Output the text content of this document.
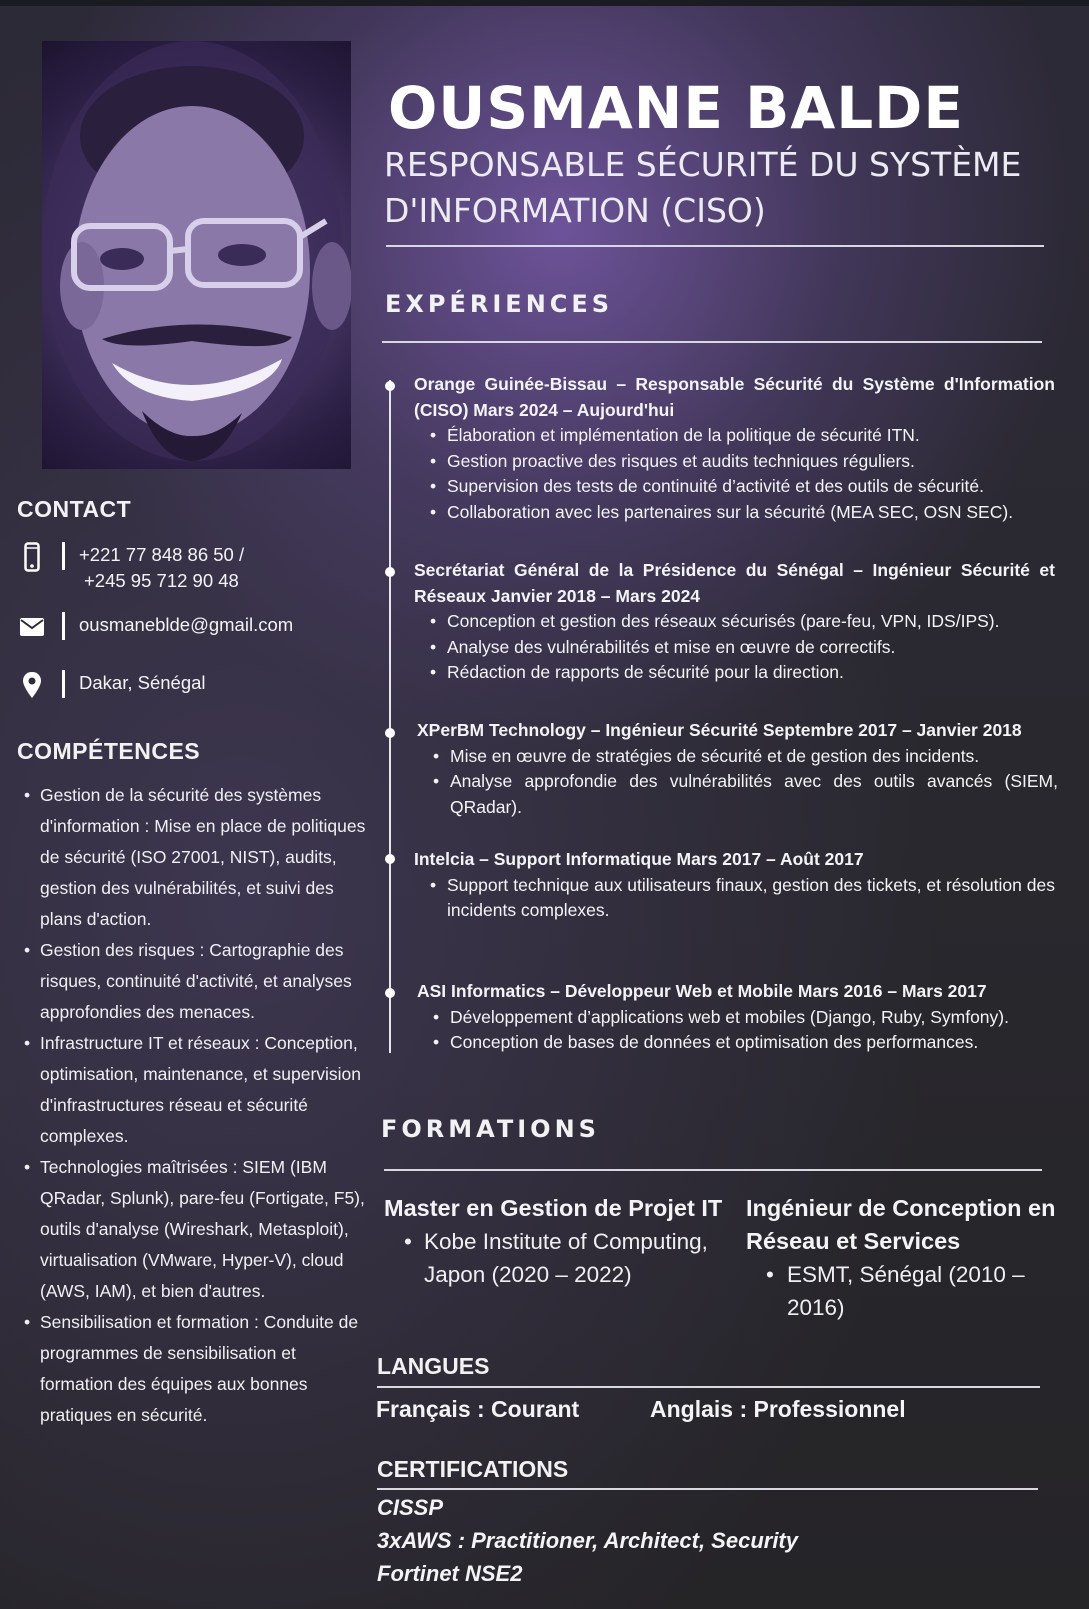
OUSMANE BALDE
RESPONSABLE SÉCURITÉ DU SYSTÈME D'INFORMATION (CISO)
EXPÉRIENCES
Orange Guinée-Bissau – Responsable Sécurité du Système d'Information (CISO) Mars 2024 – Aujourd'hui
• Élaboration et implémentation de la politique de sécurité ITN.
• Gestion proactive des risques et audits techniques réguliers.
• Supervision des tests de continuité d’activité et des outils de sécurité.
• Collaboration avec les partenaires sur la sécurité (MEA SEC, OSN SEC).
Secrétariat Général de la Présidence du Sénégal – Ingénieur Sécurité et Réseaux Janvier 2018 – Mars 2024
• Conception et gestion des réseaux sécurisés (pare-feu, VPN, IDS/IPS).
• Analyse des vulnérabilités et mise en œuvre de correctifs.
• Rédaction de rapports de sécurité pour la direction.
XPerBM Technology – Ingénieur Sécurité Septembre 2017 – Janvier 2018
• Mise en œuvre de stratégies de sécurité et de gestion des incidents.
• Analyse approfondie des vulnérabilités avec des outils avancés (SIEM, QRadar).
Intelcia – Support Informatique Mars 2017 – Août 2017
• Support technique aux utilisateurs finaux, gestion des tickets, et résolution des incidents complexes.
ASI Informatics – Développeur Web et Mobile Mars 2016 – Mars 2017
• Développement d’applications web et mobiles (Django, Ruby, Symfony).
• Conception de bases de données et optimisation des performances.
CONTACT
+221 77 848 86 50 /
+245 95 712 90 48
ousmaneblde@gmail.com
Dakar, Sénégal
COMPÉTENCES
• Gestion de la sécurité des systèmes d'information : Mise en place de politiques de sécurité (ISO 27001, NIST), audits, gestion des vulnérabilités, et suivi des plans d'action.
• Gestion des risques : Cartographie des risques, continuité d'activité, et analyses approfondies des menaces.
• Infrastructure IT et réseaux : Conception, optimisation, maintenance, et supervision d'infrastructures réseau et sécurité complexes.
• Technologies maîtrisées : SIEM (IBM QRadar, Splunk), pare-feu (Fortigate, F5), outils d'analyse (Wireshark, Metasploit), virtualisation (VMware, Hyper-V), cloud (AWS, IAM), et bien d'autres.
• Sensibilisation et formation : Conduite de programmes de sensibilisation et formation des équipes aux bonnes pratiques en sécurité.
FORMATIONS
Master en Gestion de Projet IT
• Kobe Institute of Computing, Japon (2020 – 2022)
Ingénieur de Conception en Réseau et Services
• ESMT, Sénégal (2010 – 2016)
LANGUES
Français : Courant	Anglais : Professionnel
CERTIFICATIONS
CISSP
3xAWS : Practitioner, Architect, Security
Fortinet NSE2
